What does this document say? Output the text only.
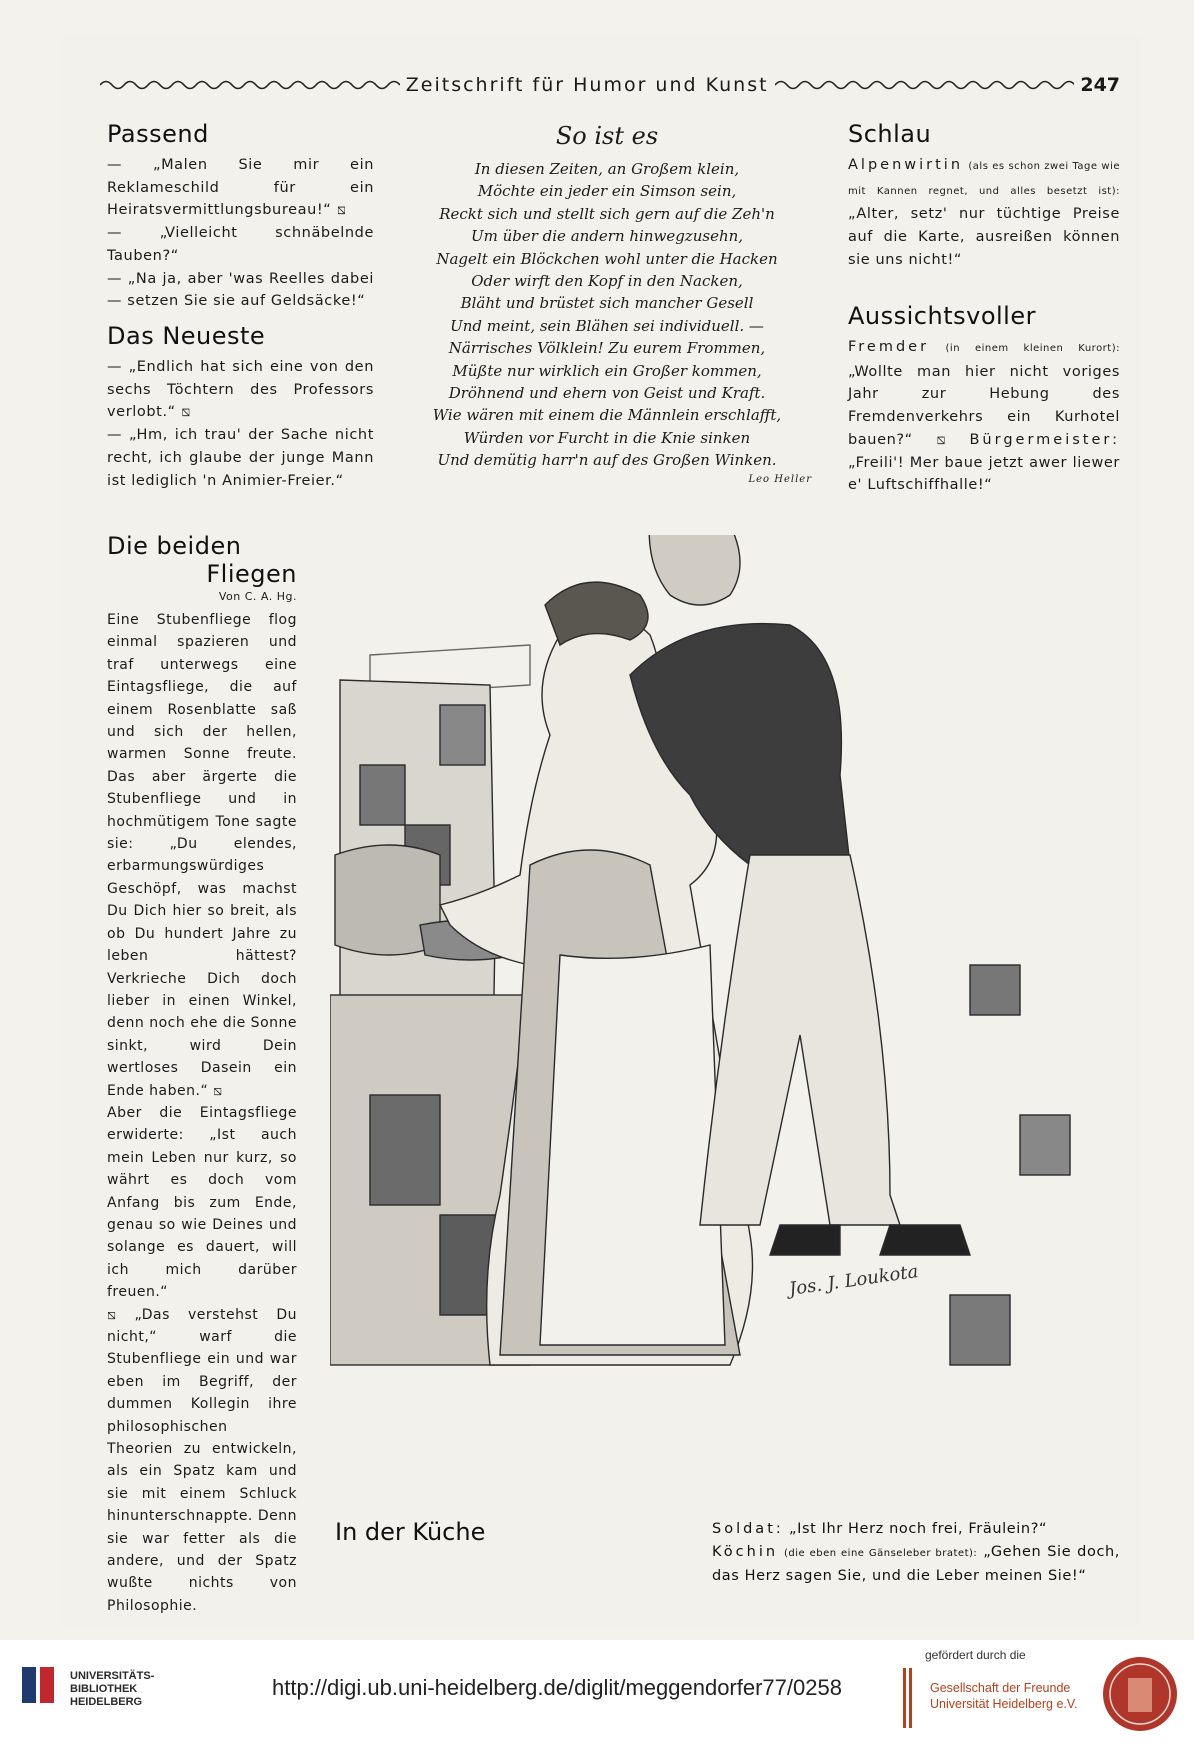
Zeitschrift für Humor und Kunst	247
Passend

— „Malen Sie mir ein Reklameschild für ein Heiratsvermittlungsbureau!“ ⧅
— „Vielleicht schnäbelnde Tauben?“
— „Na ja, aber 'was Reelles dabei — setzen Sie sie auf Geldsäcke!“

Das Neueste

— „Endlich hat sich eine von den sechs Töchtern des Professors verlobt.“ ⧅
— „Hm, ich trau' der Sache nicht recht, ich glaube der junge Mann ist lediglich 'n Animier-Freier.“

So ist es

In diesen Zeiten, an Großem klein,
Möchte ein jeder ein Simson sein,
Reckt sich und stellt sich gern auf die Zeh'n
Um über die andern hinwegzusehn,
Nagelt ein Blöckchen wohl unter die Hacken
Oder wirft den Kopf in den Nacken,
Bläht und brüstet sich mancher Gesell
Und meint, sein Blähen sei individuell. —
Närrisches Völklein! Zu eurem Frommen,
Müßte nur wirklich ein Großer kommen,
Dröhnend und ehern von Geist und Kraft.
Wie wären mit einem die Männlein erschlafft,
Würden vor Furcht in die Knie sinken
Und demütig harr'n auf des Großen Winken.

Leo Heller
Schlau

Alpenwirtin (als es schon zwei Tage wie mit Kannen regnet, und alles besetzt ist): „Alter, setz' nur tüchtige Preise auf die Karte, ausreißen können sie uns nicht!“

Aussichtsvoller

Fremder (in einem kleinen Kurort): „Wollte man hier nicht voriges Jahr zur Hebung des Fremdenverkehrs ein Kurhotel bauen?“ ⧅ Bürgermeister: „Freili'! Mer baue jetzt awer liewer e' Luftschiffhalle!“

Die beiden
Fliegen
Von C. A. Hg.

Eine Stubenfliege flog einmal spazieren und traf unterwegs eine Eintagsfliege, die auf einem Rosenblatte saß und sich der hellen, warmen Sonne freute. Das aber ärgerte die Stubenfliege und in hochmütigem Tone sagte sie: „Du elendes, erbarmungswürdiges Geschöpf, was machst Du Dich hier so breit, als ob Du hundert Jahre zu leben hättest? Verkrieche Dich doch lieber in einen Winkel, denn noch ehe die Sonne sinkt, wird Dein wertloses Dasein ein Ende haben.“ ⧅
Aber die Eintagsfliege erwiderte: „Ist auch mein Leben nur kurz, so währt es doch vom Anfang bis zum Ende, genau so wie Deines und solange es dauert, will ich mich darüber freuen.“
⧅ „Das verstehst Du nicht,“ warf die Stubenfliege ein und war eben im Begriff, der dummen Kollegin ihre philosophischen Theorien zu entwickeln, als ein Spatz kam und sie mit einem Schluck hinunterschnappte. Denn sie war fetter als die andere, und der Spatz wußte nichts von Philosophie.

Jos. J. Loukota
In der Küche	Soldat: „Ist Ihr Herz noch frei, Fräulein?“
Köchin (die eben eine Gänseleber bratet): „Gehen Sie doch, das Herz sagen Sie, und die Leber meinen Sie!“
UNIVERSITÄTS-
BIBLIOTHEK
HEIDELBERG
http://digi.ub.uni-heidelberg.de/diglit/meggendorfer77/0258
gefördert durch die
Gesellschaft der Freunde
Universität Heidelberg e.V.
